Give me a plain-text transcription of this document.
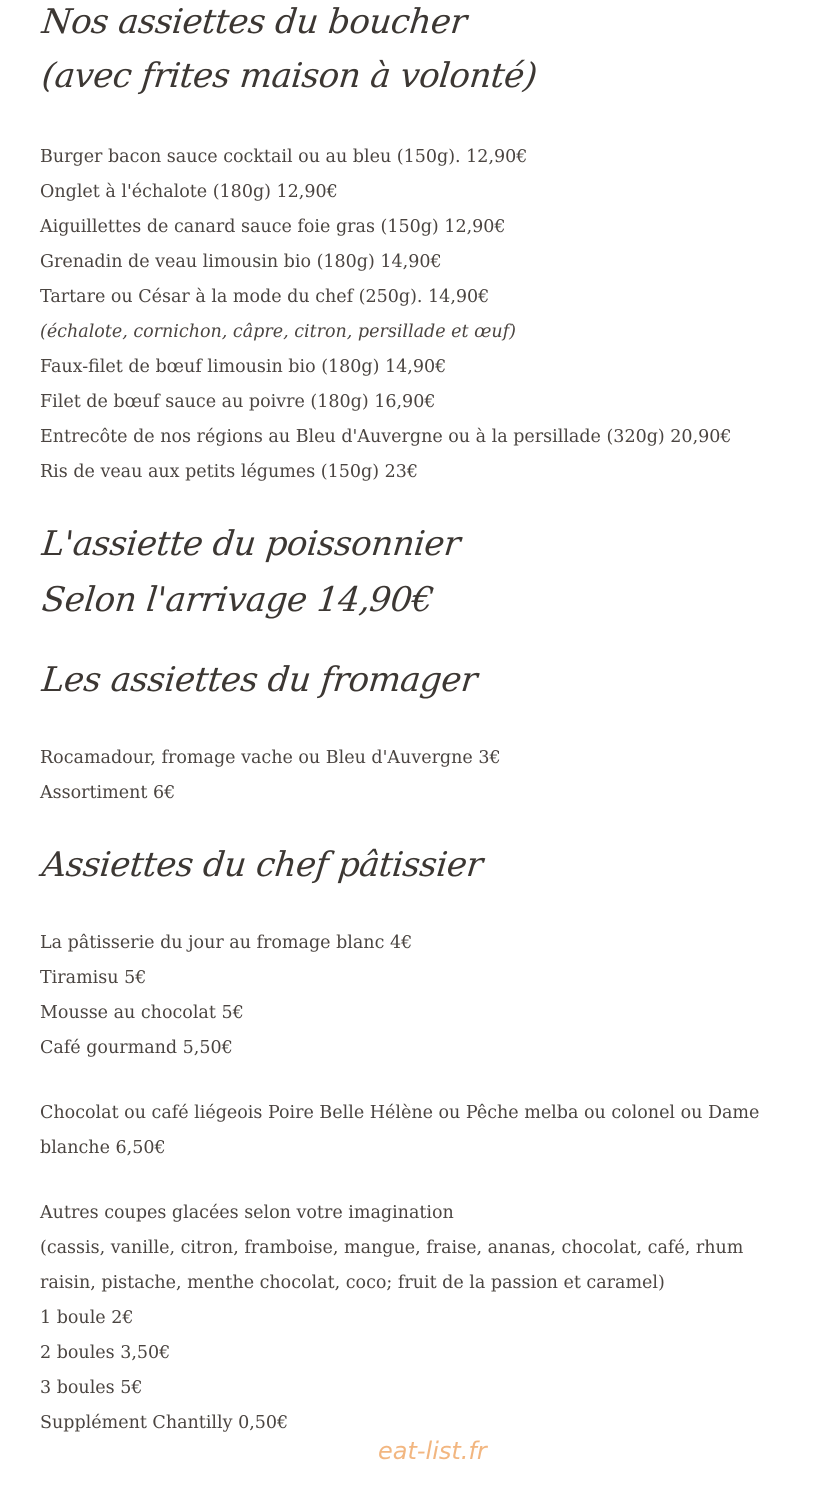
Nos assiettes du boucher
(avec frites maison à volonté)

Burger bacon sauce cocktail ou au bleu (150g). 12,90€

Onglet à l'échalote (180g) 12,90€

Aiguillettes de canard sauce foie gras (150g) 12,90€

Grenadin de veau limousin bio (180g) 14,90€

Tartare ou César à la mode du chef (250g). 14,90€

(échalote, cornichon, câpre, citron, persillade et œuf)

Faux-filet de bœuf limousin bio (180g) 14,90€

Filet de bœuf sauce au poivre (180g) 16,90€

Entrecôte de nos régions au Bleu d'Auvergne ou à la persillade (320g) 20,90€

Ris de veau aux petits légumes (150g) 23€

L'assiette du poissonnier
Selon l'arrivage 14,90€
Les assiettes du fromager

Rocamadour, fromage vache ou Bleu d'Auvergne 3€

Assortiment 6€

Assiettes du chef pâtissier

La pâtisserie du jour au fromage blanc 4€

Tiramisu 5€

Mousse au chocolat 5€

Café gourmand 5,50€

Chocolat ou café liégeois Poire Belle Hélène ou Pêche melba ou colonel ou Dame

blanche 6,50€

Autres coupes glacées selon votre imagination

(cassis, vanille, citron, framboise, mangue, fraise, ananas, chocolat, café, rhum

raisin, pistache, menthe chocolat, coco; fruit de la passion et caramel)

1 boule 2€

2 boules 3,50€

3 boules 5€

Supplément Chantilly 0,50€

eat-list.fr
